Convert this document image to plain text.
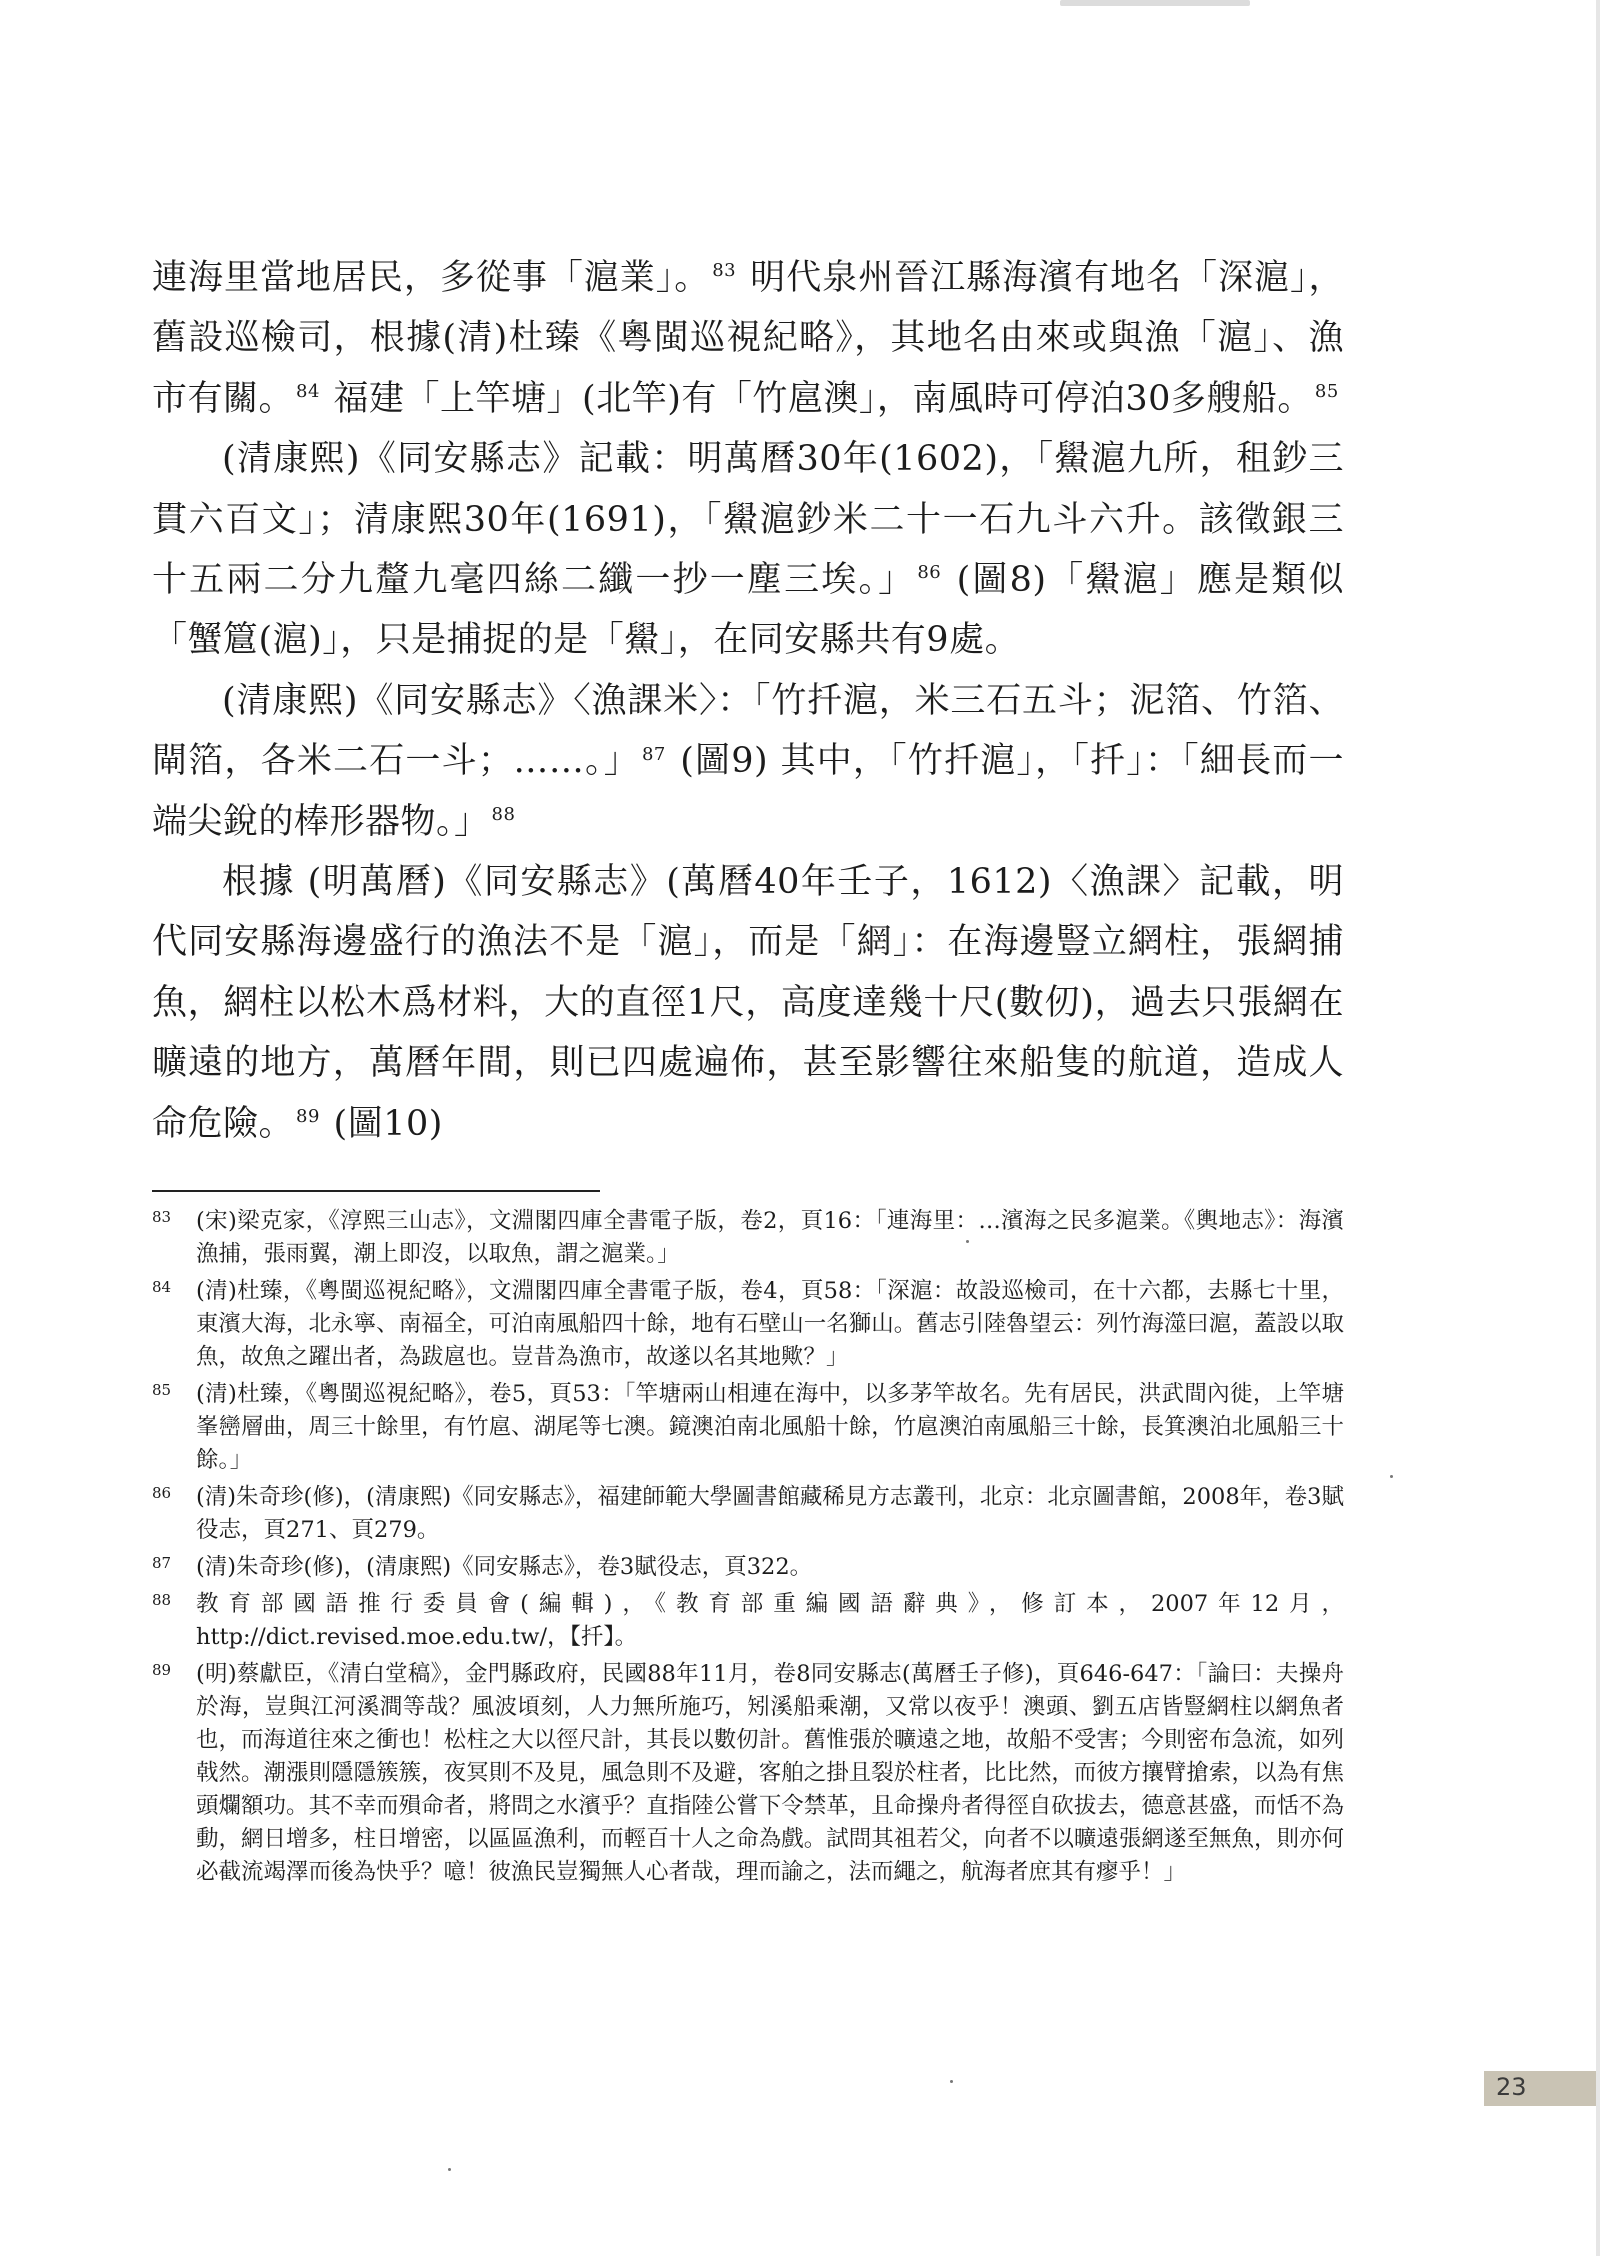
連海里當地居民，多從事「滬業」。 $^{83}$ 明代泉州晉江縣海濱有地名「深滬」，舊設巡檢司，根據(清)杜臻《粵閩巡視紀略》，其地名由來或與漁「滬」、漁市有關。 $^{84}$ 福建「上竿塘」(北竿)有「竹扈澳」，南風時可停泊30多艘船。 $^{85}$

(清康熙)《同安縣志》記載：明萬曆30年(1602)，「鱟滬九所，租鈔三貫六百文」；清康熙30年(1691)，「鱟滬鈔米二十一石九斗六升。該徵銀三十五兩二分九釐九毫四絲二纖一抄一塵三埃。」 $^{86}$ (圖8)「鱟滬」應是類似「蟹簄(滬)」，只是捕捉的是「鱟」，在同安縣共有9處。

(清康熙)《同安縣志》〈漁課米〉：「竹扦滬，米三石五斗；泥箔、竹箔、閘箔，各米二石一斗；……。」 $^{87}$ (圖9) 其中，「竹扦滬」，「扦」：「細長而一端尖銳的棒形器物。」 $^{88}$

根據 (明萬曆)《同安縣志》(萬曆40年壬子，1612)〈漁課〉記載，明代同安縣海邊盛行的漁法不是「滬」，而是「網」：在海邊豎立網柱，張網捕魚，網柱以松木爲材料，大的直徑1尺，高度達幾十尺(數仞)，過去只張網在曠遠的地方，萬曆年間，則已四處遍佈，甚至影響往來船隻的航道，造成人命危險。 $^{89}$ (圖10)

83 (宋)梁克家，《淳熙三山志》，文淵閣四庫全書電子版，卷2，頁16：「連海里：…濱海之民多滬業。《輿地志》：海濱漁捕，張雨翼，潮上即沒，以取魚，謂之滬業。」
84 (清)杜臻，《粵閩巡視紀略》，文淵閣四庫全書電子版，卷4，頁58：「深滬：故設巡檢司，在十六都，去縣七十里，東濱大海，北永寧、南福全，可泊南風船四十餘，地有石壁山一名獅山。舊志引陸魯望云：列竹海澨曰滬，蓋設以取魚，故魚之躍出者，為跋扈也。豈昔為漁市，故遂以名其地歟？」
85 (清)杜臻，《粵閩巡視紀略》，卷5，頁53：「竿塘兩山相連在海中，以多茅竿故名。先有居民，洪武間內徙，上竿塘峯巒層曲，周三十餘里，有竹扈、湖尾等七澳。鏡澳泊南北風船十餘，竹扈澳泊南風船三十餘，長箕澳泊北風船三十餘。」
86 (清)朱奇珍(修)，(清康熙)《同安縣志》，福建師範大學圖書館藏稀見方志叢刊，北京：北京圖書館，2008年，卷3賦役志，頁271、頁279。
87 (清)朱奇珍(修)，(清康熙)《同安縣志》，卷3賦役志，頁322。
88 教育部國語推行委員會(編輯)，《教育部重編國語辭典》，修訂本，2007年12月，http://dict.revised.moe.edu.tw/，【扦】。
89 (明)蔡獻臣，《清白堂稿》，金門縣政府，民國88年11月，卷8同安縣志(萬曆壬子修)，頁646-647：「論曰：夫操舟於海，豈與江河溪澗等哉？風波頃刻，人力無所施巧，矧溪船乘潮，又常以夜乎！澳頭、劉五店皆豎網柱以網魚者也，而海道往來之衝也！松柱之大以徑尺計，其長以數仞計。舊惟張於曠遠之地，故船不受害；今則密布急流，如列戟然。潮漲則隱隱簇簇，夜冥則不及見，風急則不及避，客舶之掛且裂於柱者，比比然，而彼方攘臂搶索，以為有焦頭爛額功。其不幸而殞命者，將問之水濱乎？直指陸公嘗下令禁革，且命操舟者得徑自砍拔去，德意甚盛，而恬不為動，網日增多，柱日增密，以區區漁利，而輕百十人之命為戲。試問其祖若父，向者不以曠遠張網遂至無魚，則亦何必截流竭澤而後為快乎？噫！彼漁民豈獨無人心者哉，理而諭之，法而繩之，航海者庶其有瘳乎！」
23
